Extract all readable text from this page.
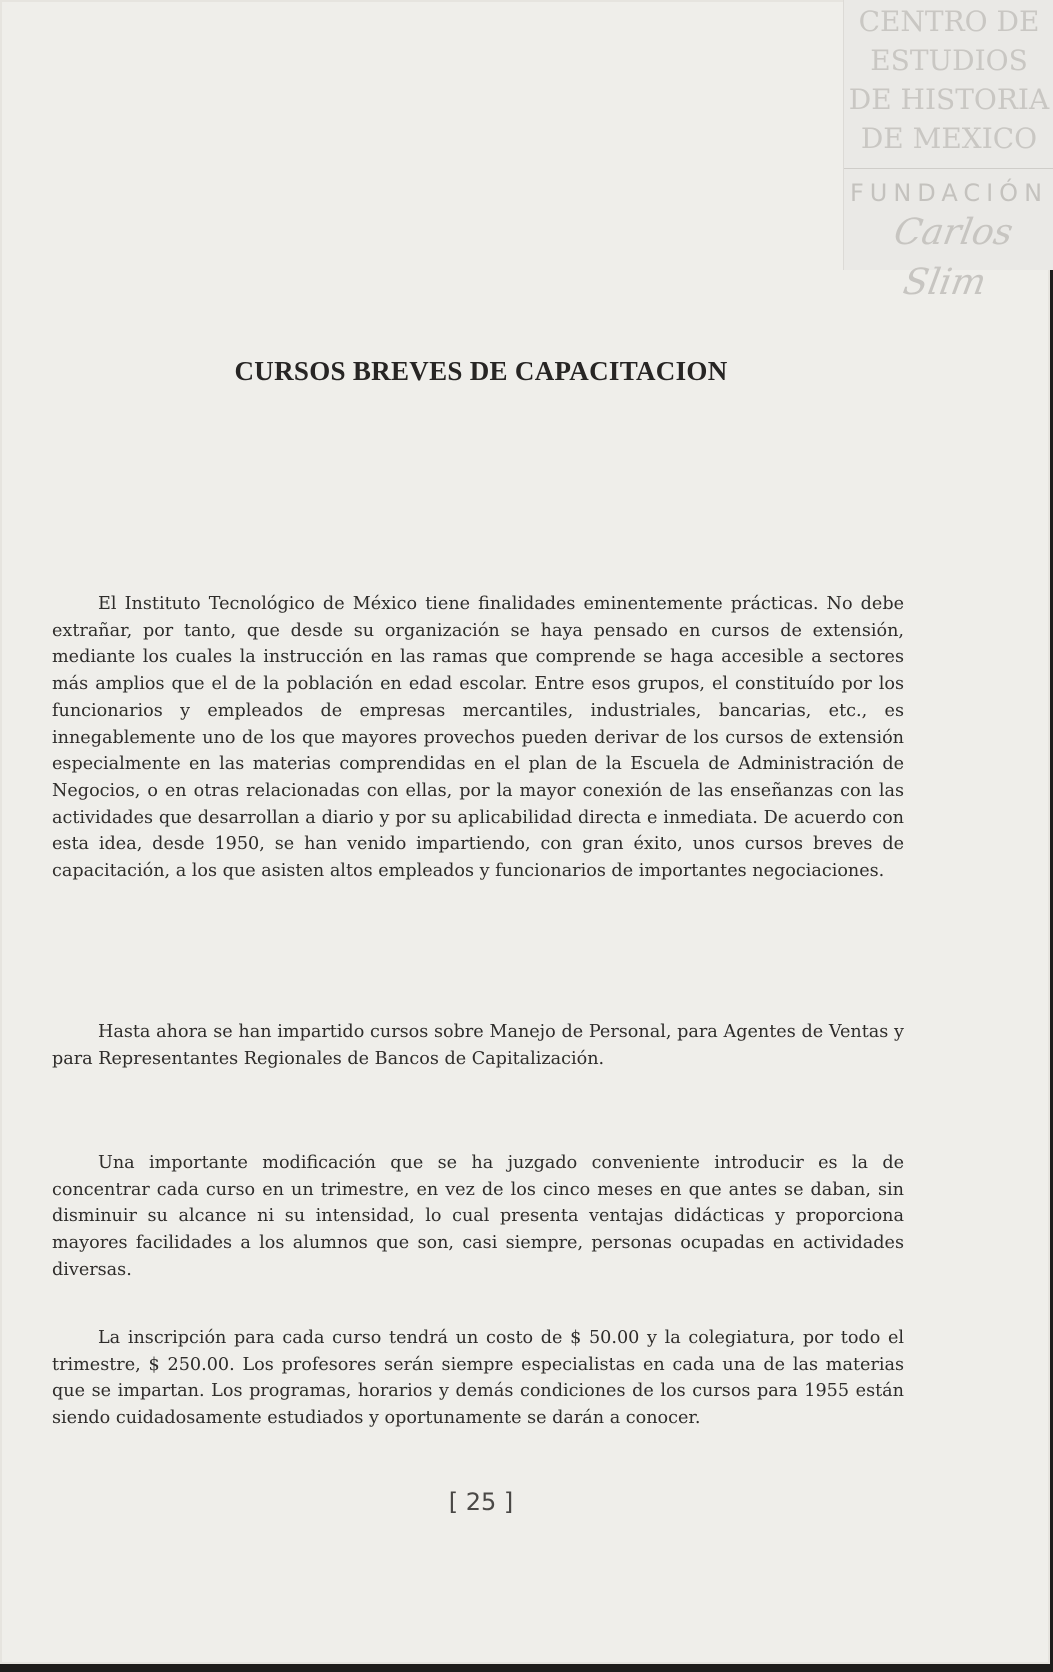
CENTRO DE
ESTUDIOS
DE HISTORIA
DE MEXICO
FUNDACIÓN
Carlos Slim
CURSOS BREVES DE CAPACITACION

El Instituto Tecnológico de México tiene finalidades eminentemente prácticas. No debe extrañar, por tanto, que desde su organización se haya pensado en cursos de extensión, mediante los cuales la instrucción en las ramas que comprende se haga accesible a sectores más amplios que el de la población en edad escolar. Entre esos grupos, el constituído por los funcionarios y empleados de empresas mercantiles, industriales, bancarias, etc., es innegablemente uno de los que mayores provechos pueden derivar de los cursos de extensión especialmente en las materias comprendidas en el plan de la Escuela de Administración de Negocios, o en otras relacionadas con ellas, por la mayor conexión de las enseñanzas con las actividades que desarrollan a diario y por su aplicabilidad directa e inmediata. De acuerdo con esta idea, desde 1950, se han venido impartiendo, con gran éxito, unos cursos breves de capacitación, a los que asisten altos empleados y funcionarios de importantes negociaciones.

Hasta ahora se han impartido cursos sobre Manejo de Personal, para Agentes de Ventas y para Representantes Regionales de Bancos de Capitalización.

Una importante modificación que se ha juzgado conveniente introducir es la de concentrar cada curso en un trimestre, en vez de los cinco meses en que antes se daban, sin disminuir su alcance ni su intensidad, lo cual presenta ventajas didácticas y proporciona mayores facilidades a los alumnos que son, casi siempre, personas ocupadas en actividades diversas.

La inscripción para cada curso tendrá un costo de $ 50.00 y la colegiatura, por todo el trimestre, $ 250.00. Los profesores serán siempre especialistas en cada una de las materias que se impartan. Los programas, horarios y demás condiciones de los cursos para 1955 están siendo cuidadosamente estudiados y oportunamente se darán a conocer.

[ 25 ]
